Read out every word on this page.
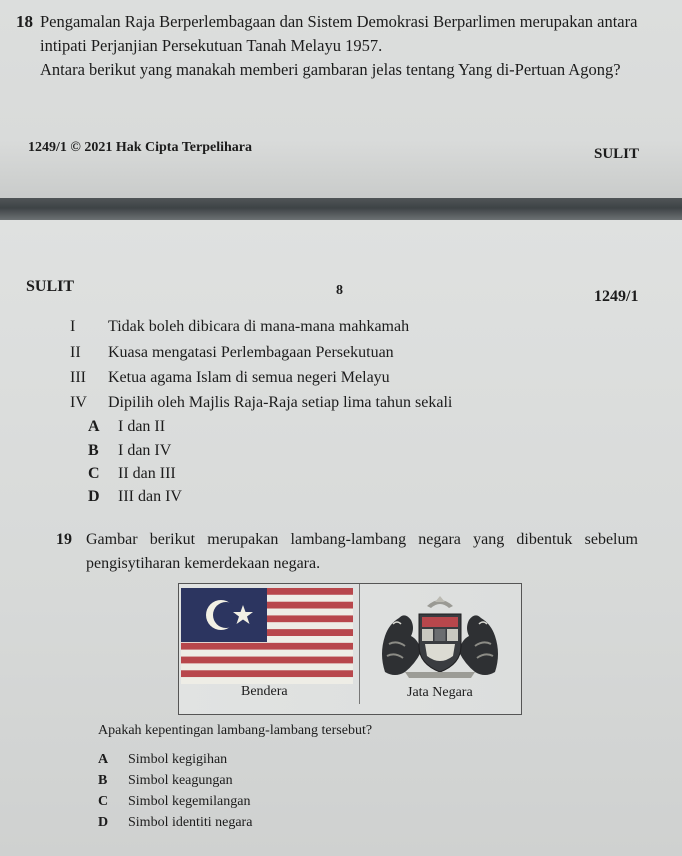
18 Pengamalan Raja Berperlembagaan dan Sistem Demokrasi Berparlimen merupakan antara
intipati Perjanjian Persekutuan Tanah Melayu 1957.
Antara berikut yang manakah memberi gambaran jelas tentang Yang di-Pertuan Agong?
1249/1 © 2021 Hak Cipta Terpelihara	SULIT
SULIT	8	1249/1
I	Tidak boleh dibicara di mana-mana mahkamah
II	Kuasa mengatasi Perlembagaan Persekutuan
III	Ketua agama Islam di semua negeri Melayu
IV	Dipilih oleh Majlis Raja-Raja setiap lima tahun sekali
A I dan II
B I dan IV
C II dan III
D III dan IV
19 Gambar berikut merupakan lambang-lambang negara yang dibentuk sebelum
pengisytiharan kemerdekaan negara.
Bendera	Jata Negara
Apakah kepentingan lambang-lambang tersebut?
A Simbol kegigihan
B Simbol keagungan
C Simbol kegemilangan
D Simbol identiti negara
